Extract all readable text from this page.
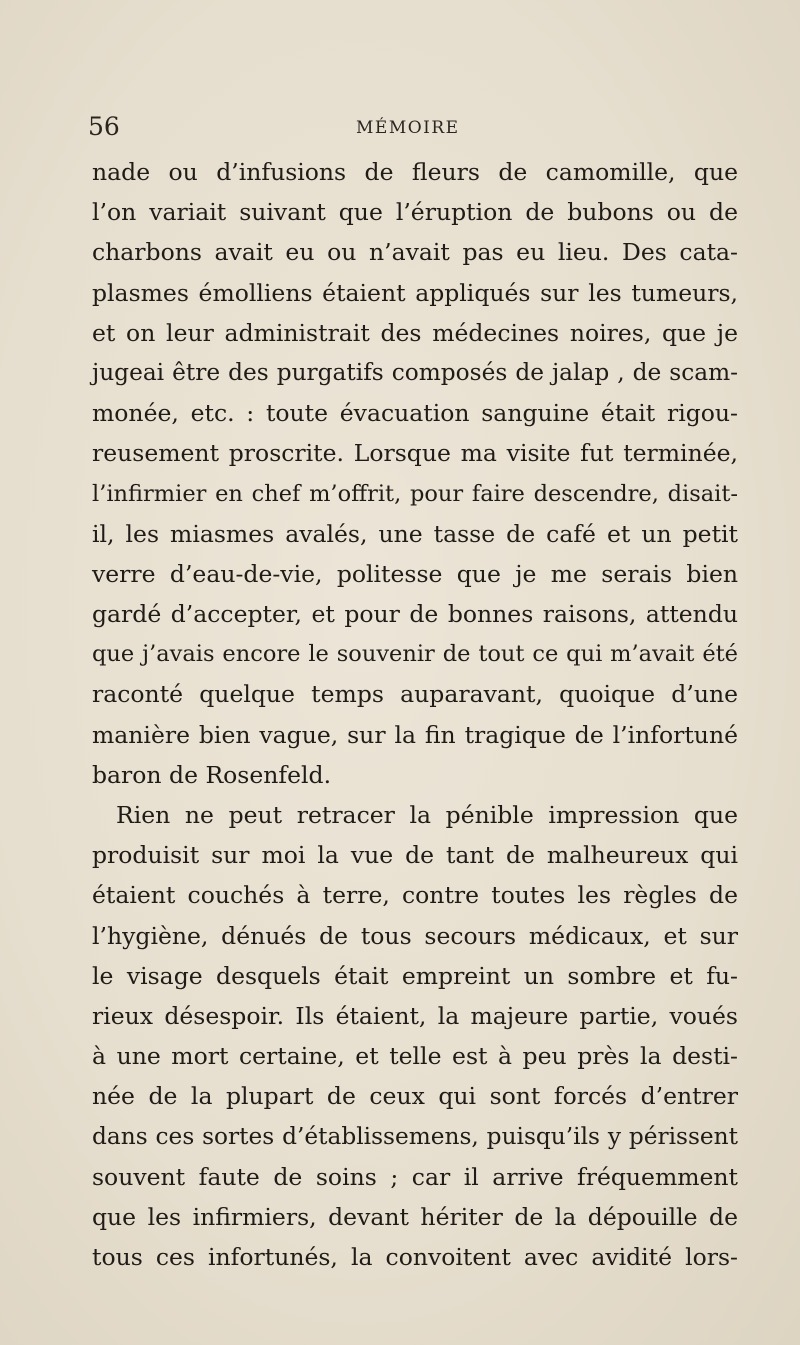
56	MÉMOIRE
nade ou d’infusions de fleurs de camomille, que
l’on variait suivant que l’éruption de bubons ou de
charbons avait eu ou n’avait pas eu lieu. Des cata-
plasmes émolliens étaient appliqués sur les tumeurs,
et on leur administrait des médecines noires, que je
jugeai être des purgatifs composés de jalap , de scam-
monée, etc. : toute évacuation sanguine était rigou-
reusement proscrite. Lorsque ma visite fut terminée,
l’infirmier en chef m’offrit, pour faire descendre, disait-
il, les miasmes avalés, une tasse de café et un petit
verre d’eau-de-vie, politesse que je me serais bien
gardé d’accepter, et pour de bonnes raisons, attendu
que j’avais encore le souvenir de tout ce qui m’avait été
raconté quelque temps auparavant, quoique d’une
manière bien vague, sur la fin tragique de l’infortuné
baron de Rosenfeld.
Rien ne peut retracer la pénible impression que
produisit sur moi la vue de tant de malheureux qui
étaient couchés à terre, contre toutes les règles de
l’hygiène, dénués de tous secours médicaux, et sur
le visage desquels était empreint un sombre et fu-
rieux désespoir. Ils étaient, la majeure partie, voués
à une mort certaine, et telle est à peu près la desti-
née de la plupart de ceux qui sont forcés d’entrer
dans ces sortes d’établissemens, puisqu’ils y périssent
souvent faute de soins ; car il arrive fréquemment
que les infirmiers, devant hériter de la dépouille de
tous ces infortunés, la convoitent avec avidité lors-
